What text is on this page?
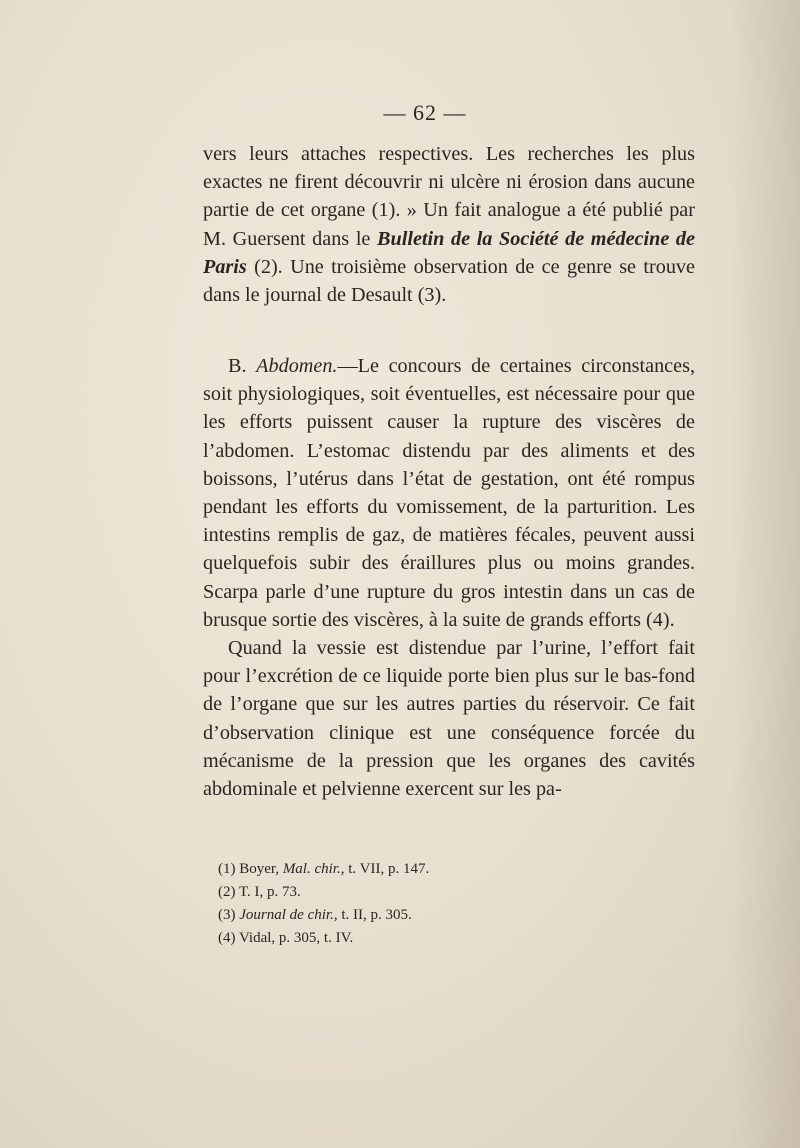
— 62 —

vers leurs attaches respectives. Les recherches les plus exactes ne firent découvrir ni ulcère ni érosion dans aucune partie de cet organe (1). » Un fait analogue a été publié par M. Guersent dans le Bulletin de la Société de médecine de Paris (2). Une troisième observation de ce genre se trouve dans le journal de Desault (3).

B. Abdomen.—Le concours de certaines circonstances, soit physiologiques, soit éventuelles, est nécessaire pour que les efforts puissent causer la rupture des viscères de l’abdomen. L’estomac distendu par des aliments et des boissons, l’utérus dans l’état de gestation, ont été rompus pendant les efforts du vomissement, de la parturition. Les intestins remplis de gaz, de matières fécales, peuvent aussi quelquefois subir des éraillures plus ou moins grandes. Scarpa parle d’une rupture du gros intestin dans un cas de brusque sortie des viscères, à la suite de grands efforts (4).

Quand la vessie est distendue par l’urine, l’effort fait pour l’excrétion de ce liquide porte bien plus sur le bas-fond de l’organe que sur les autres parties du réservoir. Ce fait d’observation clinique est une conséquence forcée du mécanisme de la pression que les organes des cavités abdominale et pelvienne exercent sur les pa-

(1) Boyer, Mal. chir., t. VII, p. 147.

(2) T. I, p. 73.

(3) Journal de chir., t. II, p. 305.

(4) Vidal, p. 305, t. IV.
